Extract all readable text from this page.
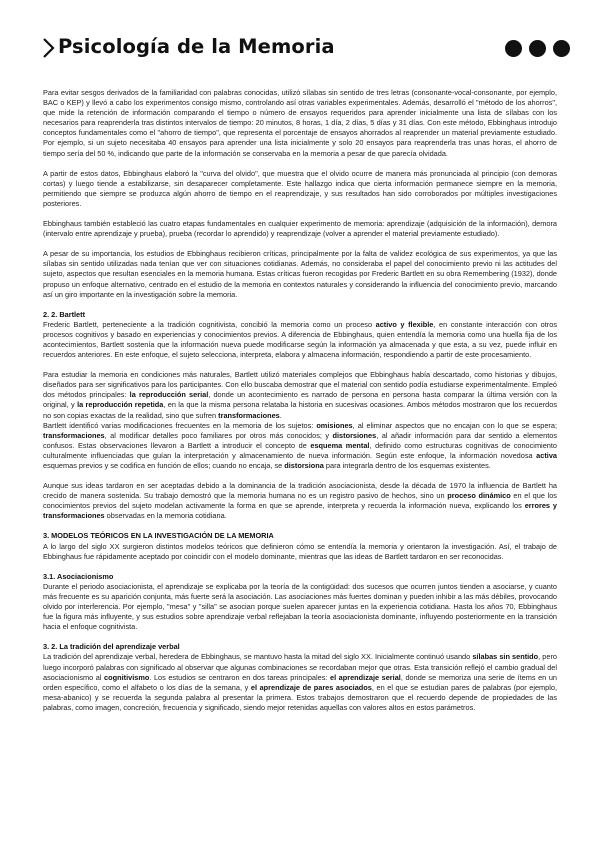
Psicología de la Memoria

Para evitar sesgos derivados de la familiaridad con palabras conocidas, utilizó sílabas sin sentido de tres letras (consonante-vocal-consonante, por ejemplo, BAC o KEP) y llevó a cabo los experimentos consigo mismo, controlando así otras variables experimentales. Además, desarrolló el "método de los ahorros", que mide la retención de información comparando el tiempo o número de ensayos requeridos para aprender inicialmente una lista de sílabas con los necesarios para reaprenderla tras distintos intervalos de tiempo: 20 minutos, 8 horas, 1 día, 2 días, 5 días y 31 días. Con este método, Ebbinghaus introdujo conceptos fundamentales como el "ahorro de tiempo", que representa el porcentaje de ensayos ahorrados al reaprender un material previamente estudiado. Por ejemplo, si un sujeto necesitaba 40 ensayos para aprender una lista inicialmente y solo 20 ensayos para reaprenderla tras unas horas, el ahorro de tiempo sería del 50 %, indicando que parte de la información se conservaba en la memoria a pesar de que parecía olvidada.

A partir de estos datos, Ebbinghaus elaboró la "curva del olvido", que muestra que el olvido ocurre de manera más pronunciada al principio (con demoras cortas) y luego tiende a estabilizarse, sin desaparecer completamente. Este hallazgo indica que cierta información permanece siempre en la memoria, permitiendo que siempre se produzca algún ahorro de tiempo en el reaprendizaje, y sus resultados han sido corroborados por múltiples investigaciones posteriores.

Ebbinghaus también estableció las cuatro etapas fundamentales en cualquier experimento de memoria: aprendizaje (adquisición de la información), demora (intervalo entre aprendizaje y prueba), prueba (recordar lo aprendido) y reaprendizaje (volver a aprender el material previamente estudiado).

A pesar de su importancia, los estudios de Ebbinghaus recibieron críticas, principalmente por la falta de validez ecológica de sus experimentos, ya que las sílabas sin sentido utilizadas nada tenían que ver con situaciones cotidianas. Además, no consideraba el papel del conocimiento previo ni las actitudes del sujeto, aspectos que resultan esenciales en la memoria humana. Estas críticas fueron recogidas por Frederic Bartlett en su obra Remembering (1932), donde propuso un enfoque alternativo, centrado en el estudio de la memoria en contextos naturales y considerando la influencia del conocimiento previo, marcando así un giro importante en la investigación sobre la memoria.

2. 2. Bartlett

Frederic Bartlett, perteneciente a la tradición cognitivista, concibió la memoria como un proceso activo y flexible, en constante interacción con otros procesos cognitivos y basado en experiencias y conocimientos previos. A diferencia de Ebbinghaus, quien entendía la memoria como una huella fija de los acontecimientos, Bartlett sostenía que la información nueva puede modificarse según la información ya almacenada y que esta, a su vez, puede influir en recuerdos anteriores. En este enfoque, el sujeto selecciona, interpreta, elabora y almacena información, respondiendo a partir de este procesamiento.

Para estudiar la memoria en condiciones más naturales, Bartlett utilizó materiales complejos que Ebbinghaus había descartado, como historias y dibujos, diseñados para ser significativos para los participantes. Con ello buscaba demostrar que el material con sentido podía estudiarse experimentalmente. Empleó dos métodos principales: la reproducción serial, donde un acontecimiento es narrado de persona en persona hasta comparar la última versión con la original, y la reproducción repetida, en la que la misma persona relataba la historia en sucesivas ocasiones. Ambos métodos mostraron que los recuerdos no son copias exactas de la realidad, sino que sufren transformaciones.

Bartlett identificó varias modificaciones frecuentes en la memoria de los sujetos: omisiones, al eliminar aspectos que no encajan con lo que se espera; transformaciones, al modificar detalles poco familiares por otros más conocidos; y distorsiones, al añadir información para dar sentido a elementos confusos. Estas observaciones llevaron a Bartlett a introducir el concepto de esquema mental, definido como estructuras cognitivas de conocimiento culturalmente influenciadas que guían la interpretación y almacenamiento de nueva información. Según este enfoque, la información novedosa activa esquemas previos y se codifica en función de ellos; cuando no encaja, se distorsiona para integrarla dentro de los esquemas existentes.

Aunque sus ideas tardaron en ser aceptadas debido a la dominancia de la tradición asociacionista, desde la década de 1970 la influencia de Bartlett ha crecido de manera sostenida. Su trabajo demostró que la memoria humana no es un registro pasivo de hechos, sino un proceso dinámico en el que los conocimientos previos del sujeto modelan activamente la forma en que se aprende, interpreta y recuerda la información nueva, explicando los errores y transformaciones observadas en la memoria cotidiana.

3. MODELOS TEÓRICOS EN LA INVESTIGACIÓN DE LA MEMORIA

A lo largo del siglo XX surgieron distintos modelos teóricos que definieron cómo se entendía la memoria y orientaron la investigación. Así, el trabajo de Ebbinghaus fue rápidamente aceptado por coincidir con el modelo dominante, mientras que las ideas de Bartlett tardaron en ser reconocidas.

3.1. Asociacionismo

Durante el periodo asociacionista, el aprendizaje se explicaba por la teoría de la contigüidad: dos sucesos que ocurren juntos tienden a asociarse, y cuanto más frecuente es su aparición conjunta, más fuerte será la asociación. Las asociaciones más fuertes dominan y pueden inhibir a las más débiles, provocando olvido por interferencia. Por ejemplo, "mesa" y "silla" se asocian porque suelen aparecer juntas en la experiencia cotidiana. Hasta los años 70, Ebbinghaus fue la figura más influyente, y sus estudios sobre aprendizaje verbal reflejaban la teoría asociacionista dominante, influyendo posteriormente en la transición hacia el enfoque cognitivista.

3. 2. La tradición del aprendizaje verbal

La tradición del aprendizaje verbal, heredera de Ebbinghaus, se mantuvo hasta la mitad del siglo XX. Inicialmente continuó usando sílabas sin sentido, pero luego incorporó palabras con significado al observar que algunas combinaciones se recordaban mejor que otras. Esta transición reflejó el cambio gradual del asociacionismo al cognitivismo. Los estudios se centraron en dos tareas principales: el aprendizaje serial, donde se memoriza una serie de ítems en un orden específico, como el alfabeto o los días de la semana, y el aprendizaje de pares asociados, en el que se estudian pares de palabras (por ejemplo, mesa-abanico) y se recuerda la segunda palabra al presentar la primera. Estos trabajos demostraron que el recuerdo depende de propiedades de las palabras, como imagen, concreción, frecuencia y significado, siendo mejor retenidas aquellas con valores altos en estos parámetros.
